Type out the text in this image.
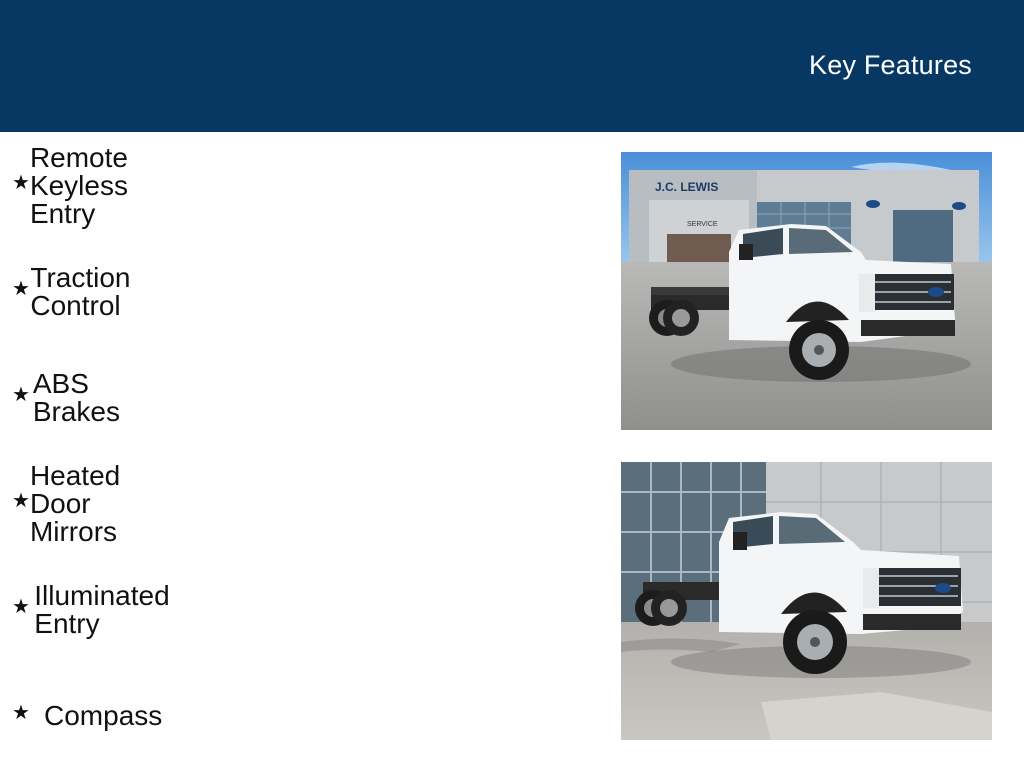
Key Features
★
Remote Keyless Entry
★ Traction Control
★ ABS Brakes
★
Heated Door Mirrors
★ Illuminated Entry
★ Compass
J.C. LEWIS
SERVICE
